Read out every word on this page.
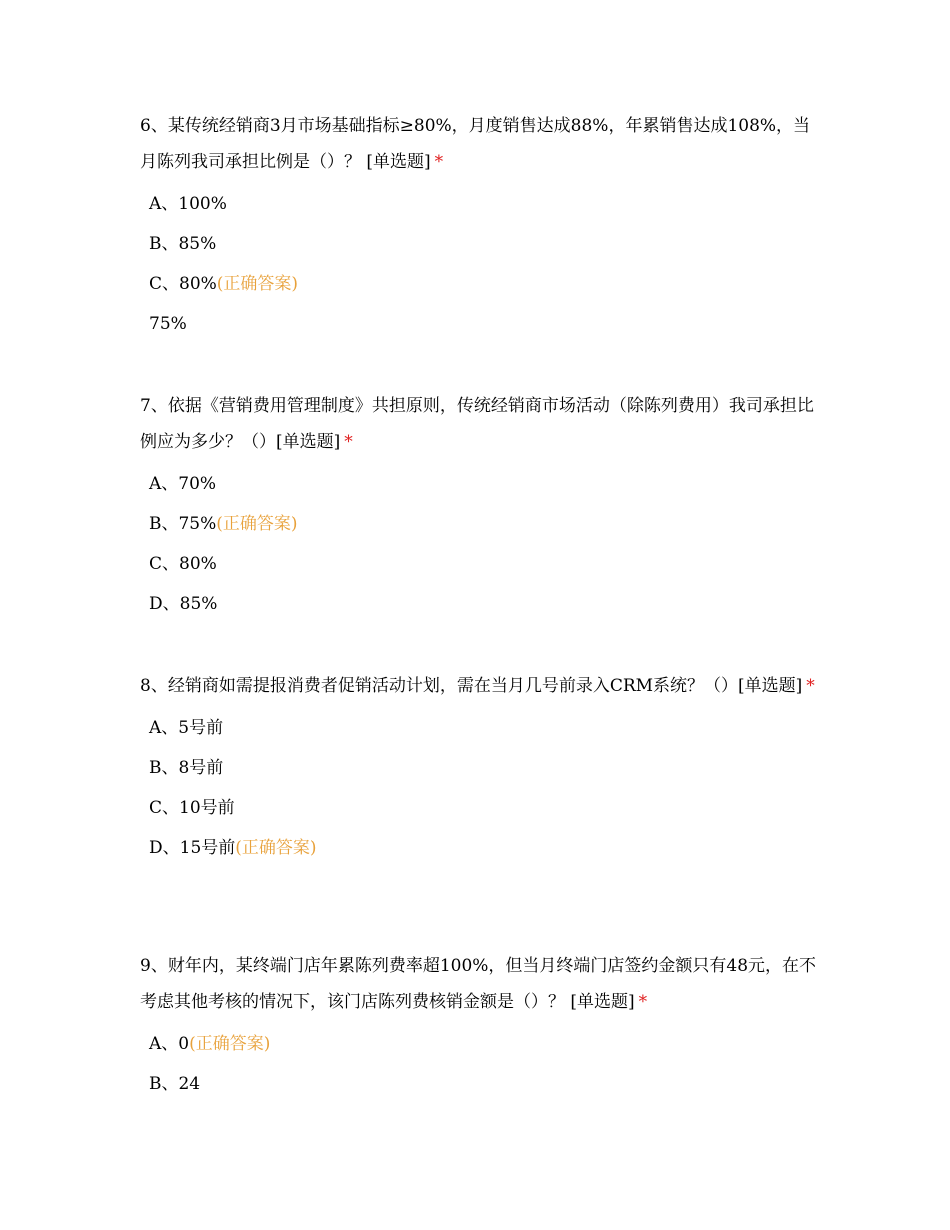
6、某传统经销商3月市场基础指标≥80%，月度销售达成88%，年累销售达成108%，当月陈列我司承担比例是（）？ [单选题] *

A、100%
B、85%
C、80%(正确答案)
75%

7、依据《营销费用管理制度》共担原则，传统经销商市场活动（除陈列费用）我司承担比例应为多少？（）[单选题] *

A、70%
B、75%(正确答案)
C、80%
D、85%

8、经销商如需提报消费者促销活动计划，需在当月几号前录入CRM系统？（）[单选题] *

A、5号前
B、8号前
C、10号前
D、15号前(正确答案)

9、财年内，某终端门店年累陈列费率超100%，但当月终端门店签约金额只有48元，在不考虑其他考核的情况下，该门店陈列费核销金额是（）？ [单选题] *

A、0(正确答案)
B、24
